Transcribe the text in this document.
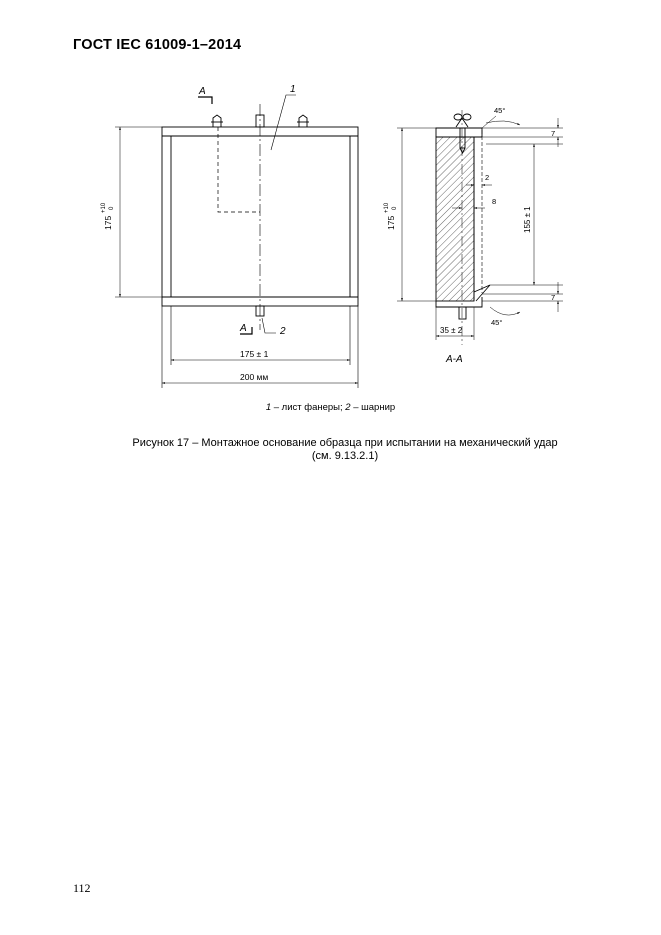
ГОСТ IEC 61009-1–2014
A
A
1
2
175
+10 0
175 ± 1
200 мм
175
+10 0
45°
45°
7
7
2
8
155 ± 1
35 ± 2
А-А
1 – лист фанеры; 2 – шарнир
Рисунок 17 – Монтажное основание образца при испытании на механический удар
(см. 9.13.2.1)
112
